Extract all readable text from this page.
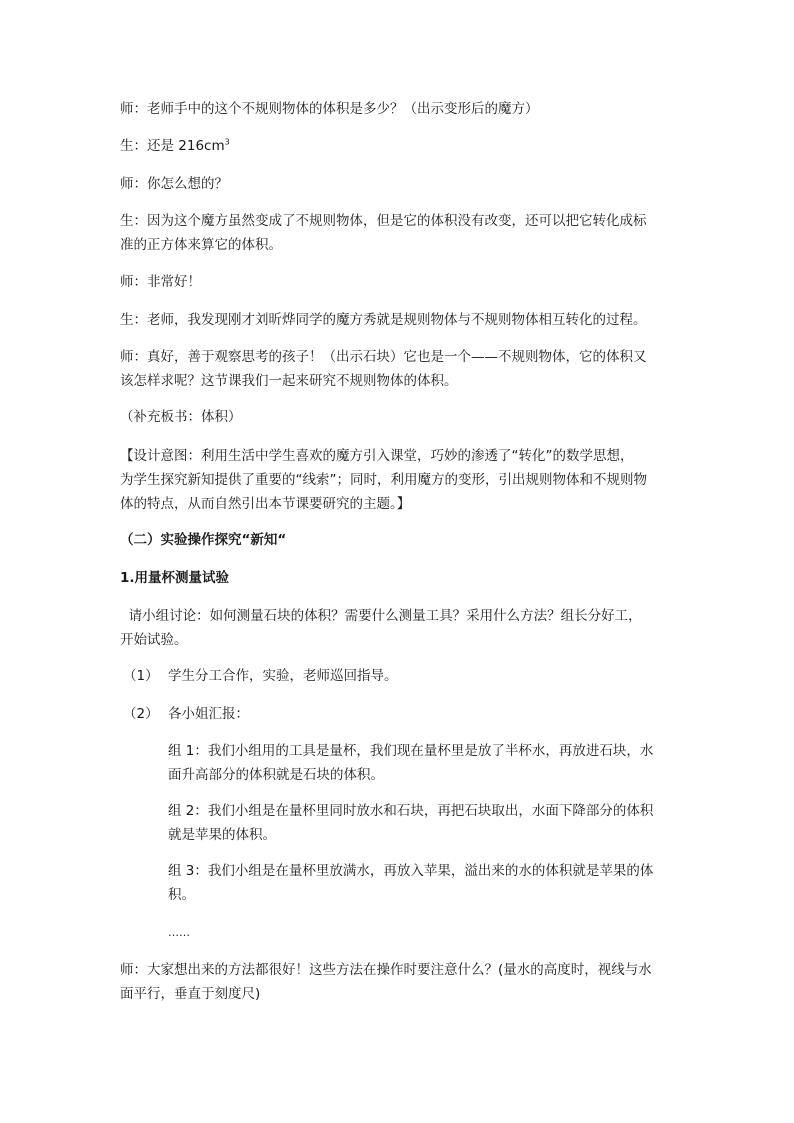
师：老师手中的这个不规则物体的体积是多少？（出示变形后的魔方）
生：还是 $216cm^3$
师：你怎么想的？
生：因为这个魔方虽然变成了不规则物体，但是它的体积没有改变，还可以把它转化成标
准的正方体来算它的体积。
师：非常好！
生：老师，我发现刚才刘昕烨同学的魔方秀就是规则物体与不规则物体相互转化的过程。
师：真好，善于观察思考的孩子！（出示石块）它也是一个——不规则物体，它的体积又
该怎样求呢？这节课我们一起来研究不规则物体的体积。
（补充板书：体积）
【设计意图：利用生活中学生喜欢的魔方引入课堂，巧妙的渗透了“转化”的数学思想，
为学生探究新知提供了重要的“线索”；同时，利用魔方的变形，引出规则物体和不规则物
体的特点，从而自然引出本节课要研究的主题。】
（二）实验操作探究“新知“
1.用量杯测量试验
请小组讨论：如何测量石块的体积？需要什么测量工具？采用什么方法？组长分好工，
开始试验。
（1） 学生分工合作，实验，老师巡回指导。
（2） 各小姐汇报：
组 1：我们小组用的工具是量杯，我们现在量杯里是放了半杯水，再放进石块，水
面升高部分的体积就是石块的体积。
组 2：我们小组是在量杯里同时放水和石块，再把石块取出，水面下降部分的体积
就是苹果的体积。
组 3：我们小组是在量杯里放满水，再放入苹果，溢出来的水的体积就是苹果的体
积。
……
师：大家想出来的方法都很好！这些方法在操作时要注意什么？(量水的高度时，视线与水
面平行，垂直于刻度尺)
